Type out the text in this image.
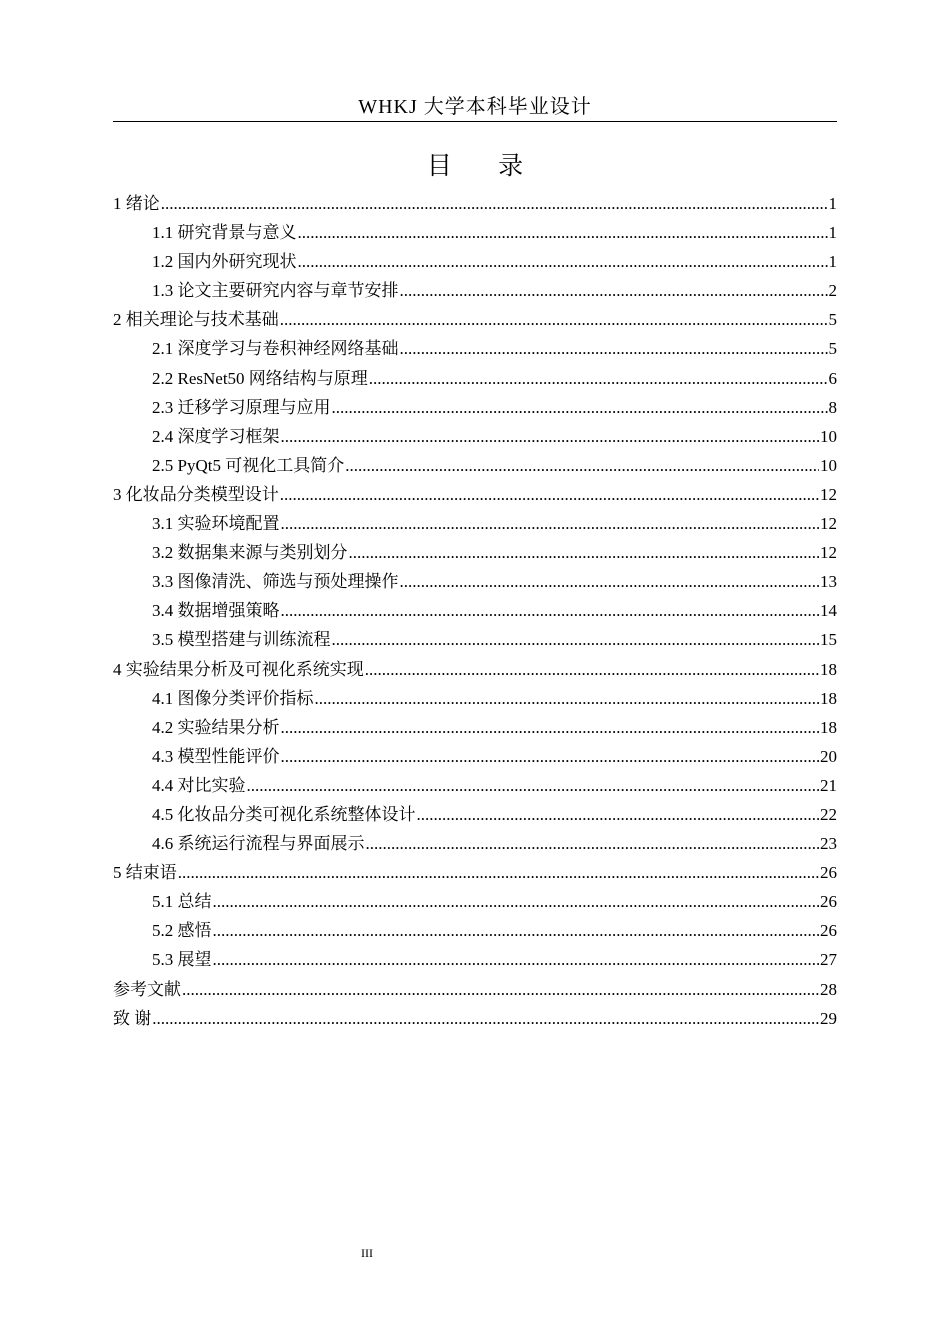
WHKJ 大学本科毕业设计
目 录
1 绪论 .....	1
1.1 研究背景与意义 .....	1
1.2 国内外研究现状 .....	1
1.3 论文主要研究内容与章节安排 .....	2
2 相关理论与技术基础 .....	5
2.1 深度学习与卷积神经网络基础 .....	5
2.2 ResNet50 网络结构与原理 .....	6
2.3 迁移学习原理与应用 .....	8
2.4 深度学习框架 .....	10
2.5 PyQt5 可视化工具简介 .....	10
3 化妆品分类模型设计 .....	12
3.1 实验环境配置 .....	12
3.2 数据集来源与类别划分 .....	12
3.3 图像清洗、筛选与预处理操作 .....	13
3.4 数据增强策略 .....	14
3.5 模型搭建与训练流程 .....	15
4 实验结果分析及可视化系统实现 .....	18
4.1 图像分类评价指标 .....	18
4.2 实验结果分析 .....	18
4.3 模型性能评价 .....	20
4.4 对比实验 .....	21
4.5 化妆品分类可视化系统整体设计 .....	22
4.6 系统运行流程与界面展示 .....	23
5 结束语 .....	26
5.1 总结 .....	26
5.2 感悟 .....	26
5.3 展望 .....	27
参考文献 .....	28
致 谢 .....	29
III
